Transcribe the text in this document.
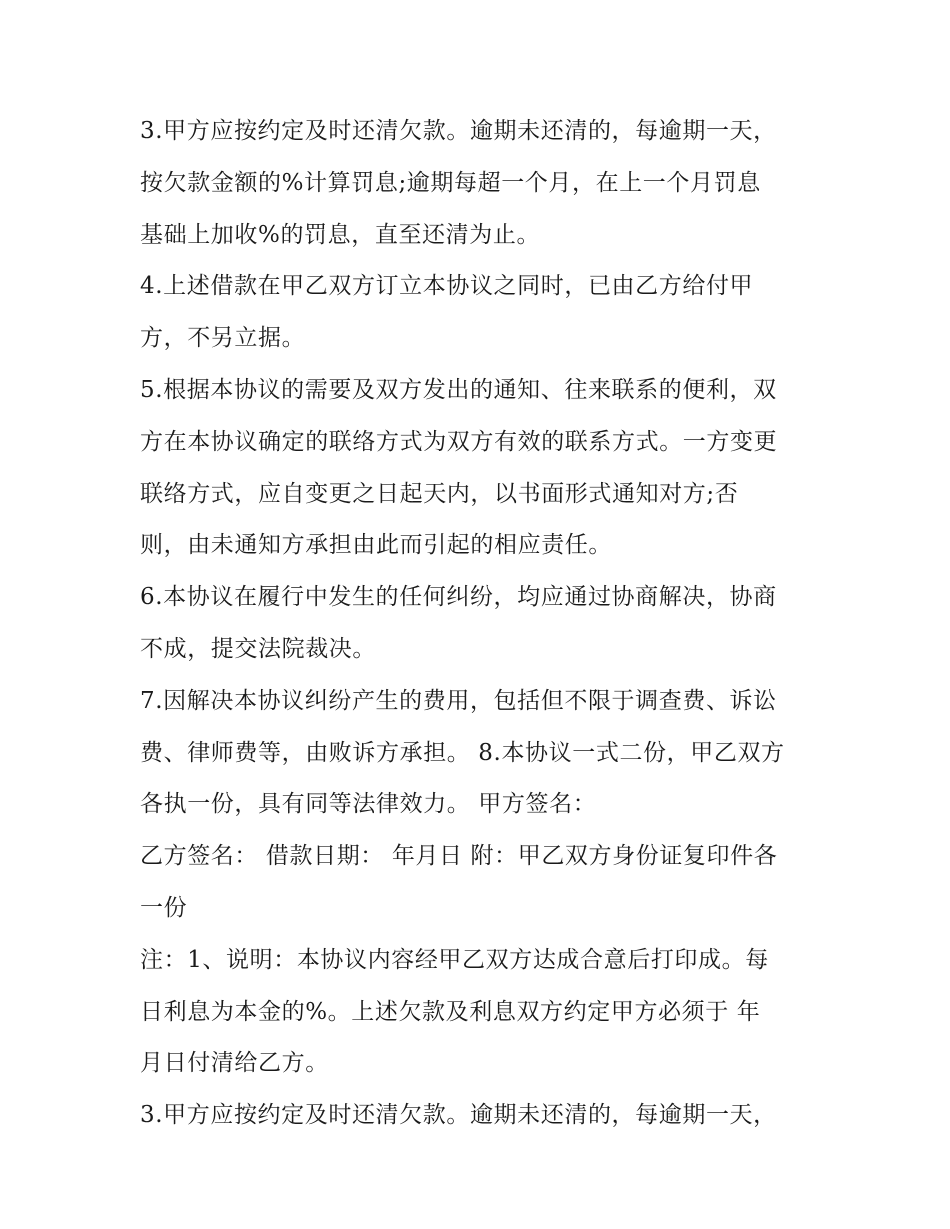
3.甲方应按约定及时还清欠款。逾期未还清的，每逾期一天，
按欠款金额的%计算罚息;逾期每超一个月，在上一个月罚息
基础上加收%的罚息，直至还清为止。
4.上述借款在甲乙双方订立本协议之同时，已由乙方给付甲
方，不另立据。
5.根据本协议的需要及双方发出的通知、往来联系的便利，双
方在本协议确定的联络方式为双方有效的联系方式。一方变更
联络方式，应自变更之日起天内，以书面形式通知对方;否
则，由未通知方承担由此而引起的相应责任。
6.本协议在履行中发生的任何纠纷，均应通过协商解决，协商
不成，提交法院裁决。
7.因解决本协议纠纷产生的费用，包括但不限于调查费、诉讼
费、律师费等，由败诉方承担。 8.本协议一式二份，甲乙双方
各执一份，具有同等法律效力。 甲方签名：
乙方签名： 借款日期： 年月日 附：甲乙双方身份证复印件各
一份
注：1、说明：本协议内容经甲乙双方达成合意后打印成。每
日利息为本金的%。上述欠款及利息双方约定甲方必须于 年
月日付清给乙方。
3.甲方应按约定及时还清欠款。逾期未还清的，每逾期一天，
